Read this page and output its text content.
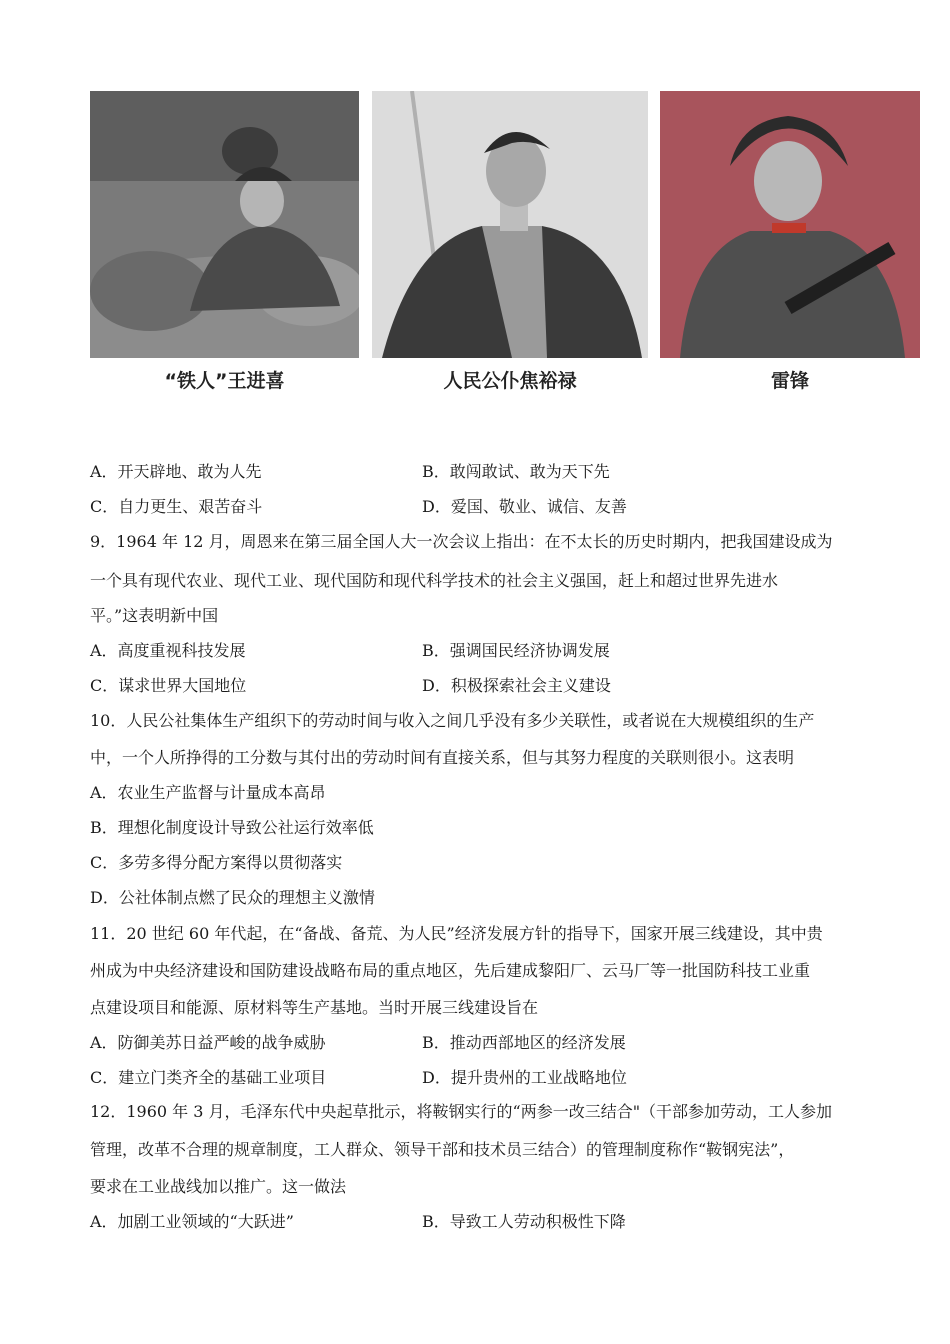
“铁人”王进喜	人民公仆焦裕禄	雷锋
A．开天辟地、敢为人先	B．敢闯敢试、敢为天下先
C．自力更生、艰苦奋斗	D．爱国、敬业、诚信、友善
9．1964 年 12 月，周恩来在第三届全国人大一次会议上指出：在不太长的历史时期内，把我国建设成为
一个具有现代农业、现代工业、现代国防和现代科学技术的社会主义强国，赶上和超过世界先进水
平。”这表明新中国
A．高度重视科技发展	B．强调国民经济协调发展
C．谋求世界大国地位	D．积极探索社会主义建设
10．人民公社集体生产组织下的劳动时间与收入之间几乎没有多少关联性，或者说在大规模组织的生产
中，一个人所挣得的工分数与其付出的劳动时间有直接关系，但与其努力程度的关联则很小。这表明
A．农业生产监督与计量成本高昂
B．理想化制度设计导致公社运行效率低
C．多劳多得分配方案得以贯彻落实
D．公社体制点燃了民众的理想主义激情
11．20 世纪 60 年代起，在“备战、备荒、为人民”经济发展方针的指导下，国家开展三线建设，其中贵
州成为中央经济建设和国防建设战略布局的重点地区，先后建成黎阳厂、云马厂等一批国防科技工业重
点建设项目和能源、原材料等生产基地。当时开展三线建设旨在
A．防御美苏日益严峻的战争威胁	B．推动西部地区的经济发展
C．建立门类齐全的基础工业项目	D．提升贵州的工业战略地位
12．1960 年 3 月，毛泽东代中央起草批示，将鞍钢实行的“两参一改三结合"（干部参加劳动，工人参加
管理，改革不合理的规章制度，工人群众、领导干部和技术员三结合）的管理制度称作“鞍钢宪法”，
要求在工业战线加以推广。这一做法
A．加剧工业领域的“大跃进”	B．导致工人劳动积极性下降
